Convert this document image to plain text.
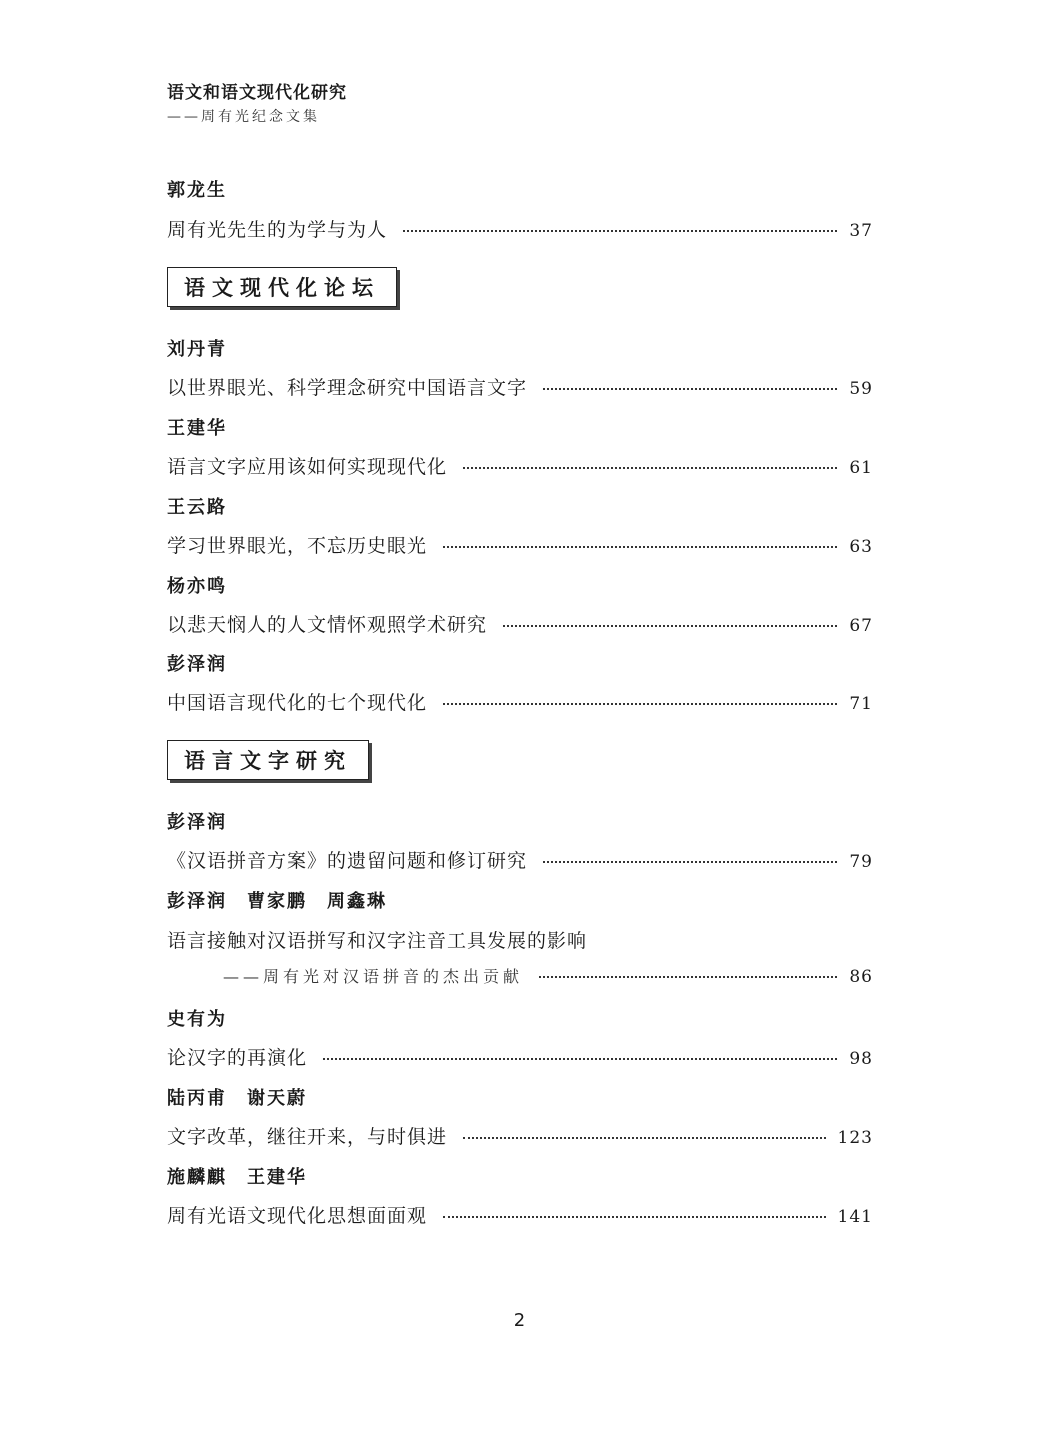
语文和语文现代化研究
——周有光纪念文集
郭龙生
周有光先生的为学与为人	37
语文现代化论坛
刘丹青
以世界眼光、科学理念研究中国语言文字	59
王建华
语言文字应用该如何实现现代化	61
王云路
学习世界眼光，不忘历史眼光	63
杨亦鸣
以悲天悯人的人文情怀观照学术研究	67
彭泽润
中国语言现代化的七个现代化	71
语言文字研究
彭泽润
《汉语拼音方案》的遗留问题和修订研究	79
彭泽润　曹家鹏　周鑫琳
语言接触对汉语拼写和汉字注音工具发展的影响
——周有光对汉语拼音的杰出贡献	86
史有为
论汉字的再演化	98
陆丙甫　谢天蔚
文字改革，继往开来，与时俱进	123
施麟麒　王建华
周有光语文现代化思想面面观	141
2
